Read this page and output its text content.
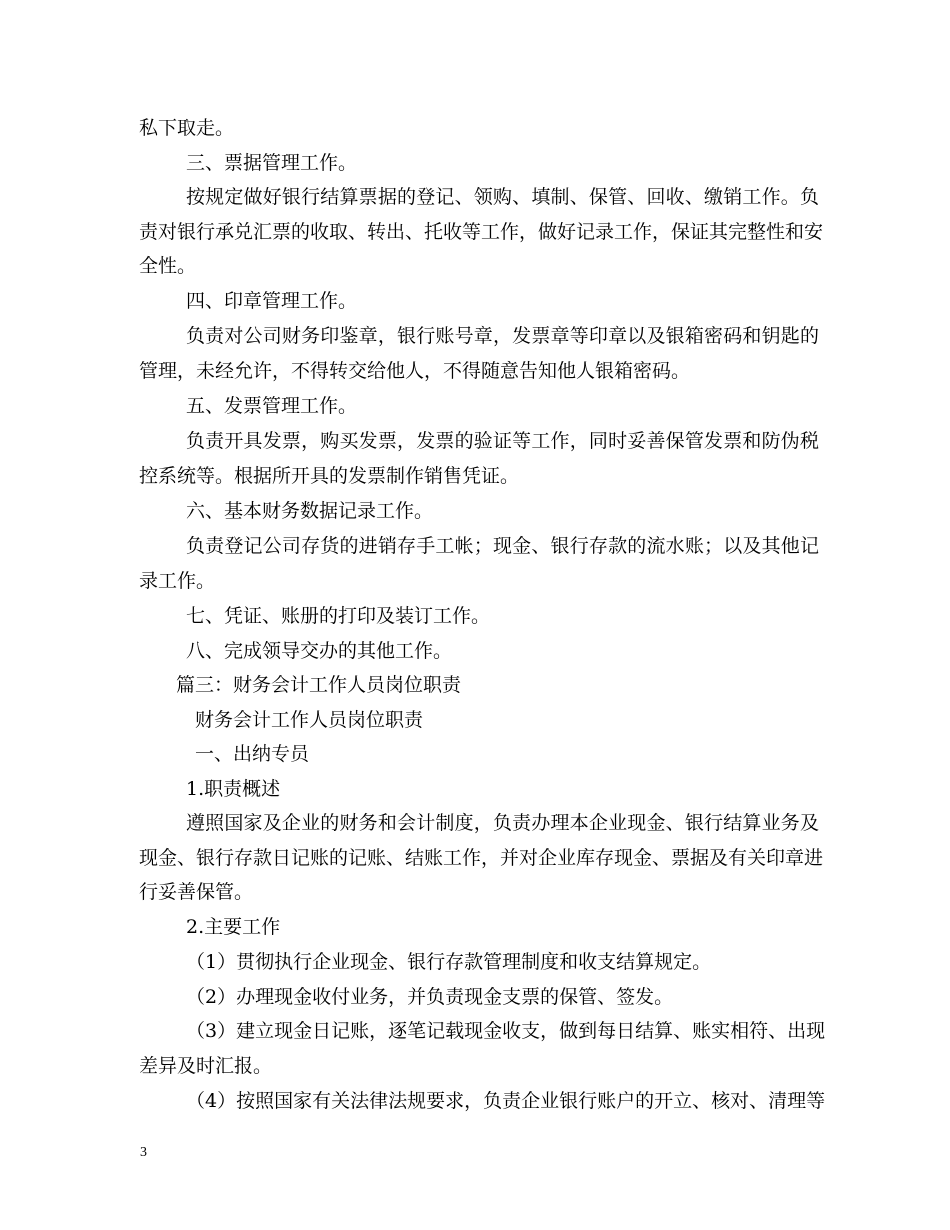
私下取走。
三、票据管理工作。
按规定做好银行结算票据的登记、领购、填制、保管、回收、缴销工作。负
责对银行承兑汇票的收取、转出、托收等工作，做好记录工作，保证其完整性和安
全性。
四、印章管理工作。
负责对公司财务印鉴章，银行账号章，发票章等印章以及银箱密码和钥匙的
管理，未经允许，不得转交给他人，不得随意告知他人银箱密码。
五、发票管理工作。
负责开具发票，购买发票，发票的验证等工作，同时妥善保管发票和防伪税
控系统等。根据所开具的发票制作销售凭证。
六、基本财务数据记录工作。
负责登记公司存货的进销存手工帐；现金、银行存款的流水账；以及其他记
录工作。
七、凭证、账册的打印及装订工作。
八、完成领导交办的其他工作。
篇三：财务会计工作人员岗位职责
财务会计工作人员岗位职责
一、出纳专员
1.职责概述
遵照国家及企业的财务和会计制度，负责办理本企业现金、银行结算业务及
现金、银行存款日记账的记账、结账工作，并对企业库存现金、票据及有关印章进
行妥善保管。
2.主要工作
（1）贯彻执行企业现金、银行存款管理制度和收支结算规定。
（2）办理现金收付业务，并负责现金支票的保管、签发。
（3）建立现金日记账，逐笔记载现金收支，做到每日结算、账实相符、出现
差异及时汇报。
（4）按照国家有关法律法规要求，负责企业银行账户的开立、核对、清理等
3
